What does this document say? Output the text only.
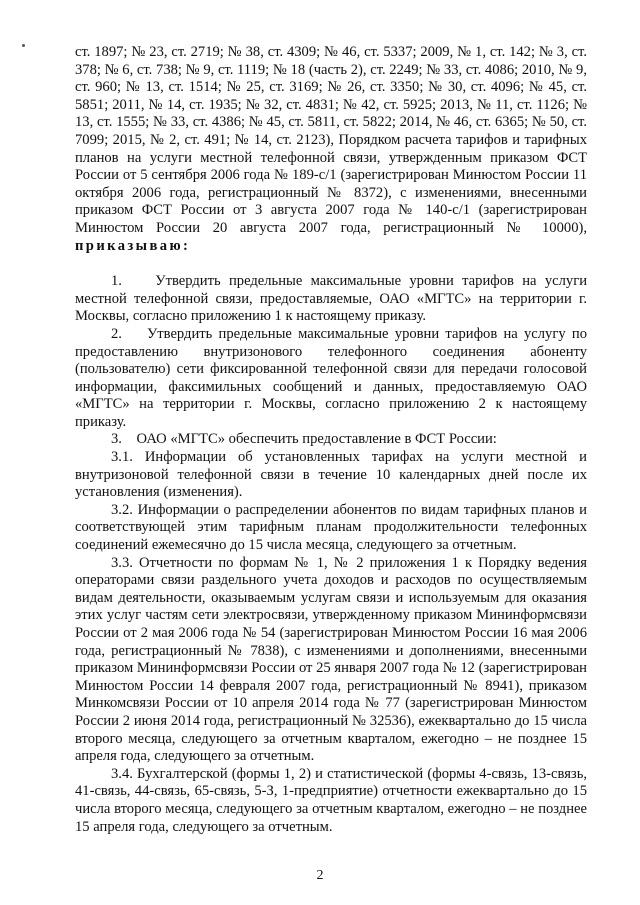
ст. 1897; № 23, ст. 2719; № 38, ст. 4309; № 46, ст. 5337; 2009, № 1, ст. 142; № 3, ст. 378; № 6, ст. 738; № 9, ст. 1119; № 18 (часть 2), ст. 2249; № 33, ст. 4086; 2010, № 9, ст. 960; № 13, ст. 1514; № 25, ст. 3169; № 26, ст. 3350; № 30, ст. 4096; № 45, ст. 5851; 2011, № 14, ст. 1935; № 32, ст. 4831; № 42, ст. 5925; 2013, № 11, ст. 1126; № 13, ст. 1555; № 33, ст. 4386; № 45, ст. 5811, ст. 5822; 2014, № 46, ст. 6365; № 50, ст. 7099; 2015, № 2, ст. 491; № 14, ст. 2123), Порядком расчета тарифов и тарифных планов на услуги местной телефонной связи, утвержденным приказом ФСТ России от 5 сентября 2006 года № 189-с/1 (зарегистрирован Минюстом России 11 октября 2006 года, регистрационный № 8372), с изменениями, внесенными приказом ФСТ России от 3 августа 2007 года № 140-с/1 (зарегистрирован Минюстом России 20 августа 2007 года, регистрационный № 10000), приказываю:

1.    Утвердить предельные максимальные уровни тарифов на услуги местной телефонной связи, предоставляемые, ОАО «МГТС» на территории г. Москвы, согласно приложению 1 к настоящему приказу.

2.    Утвердить предельные максимальные уровни тарифов на услугу по предоставлению внутризонового телефонного соединения абоненту (пользователю) сети фиксированной телефонной связи для передачи голосовой информации, факсимильных сообщений и данных, предоставляемую ОАО «МГТС» на территории г. Москвы, согласно приложению 2 к настоящему приказу.

3.    ОАО «МГТС» обеспечить предоставление в ФСТ России:

3.1. Информации об установленных тарифах на услуги местной и внутризоновой телефонной связи в течение 10 календарных дней после их установления (изменения).

3.2. Информации о распределении абонентов по видам тарифных планов и соответствующей этим тарифным планам продолжительности телефонных соединений ежемесячно до 15 числа месяца, следующего за отчетным.

3.3. Отчетности по формам № 1, № 2 приложения 1 к Порядку ведения операторами связи раздельного учета доходов и расходов по осуществляемым видам деятельности, оказываемым услугам связи и используемым для оказания этих услуг частям сети электросвязи, утвержденному приказом Мининформсвязи России от 2 мая 2006 года № 54 (зарегистрирован Минюстом России 16 мая 2006 года, регистрационный № 7838), с изменениями и дополнениями, внесенными приказом Мининформсвязи России от 25 января 2007 года № 12 (зарегистрирован Минюстом России 14 февраля 2007 года, регистрационный № 8941), приказом Минкомсвязи России от 10 апреля 2014 года № 77 (зарегистрирован Минюстом России 2 июня 2014 года, регистрационный № 32536), ежеквартально до 15 числа второго месяца, следующего за отчетным кварталом, ежегодно – не позднее 15 апреля года, следующего за отчетным.

3.4. Бухгалтерской (формы 1, 2) и статистической (формы 4-связь, 13-связь, 41-связь, 44-связь, 65-связь, 5-З, 1-предприятие) отчетности ежеквартально до 15 числа второго месяца, следующего за отчетным кварталом, ежегодно – не позднее 15 апреля года, следующего за отчетным.

2
